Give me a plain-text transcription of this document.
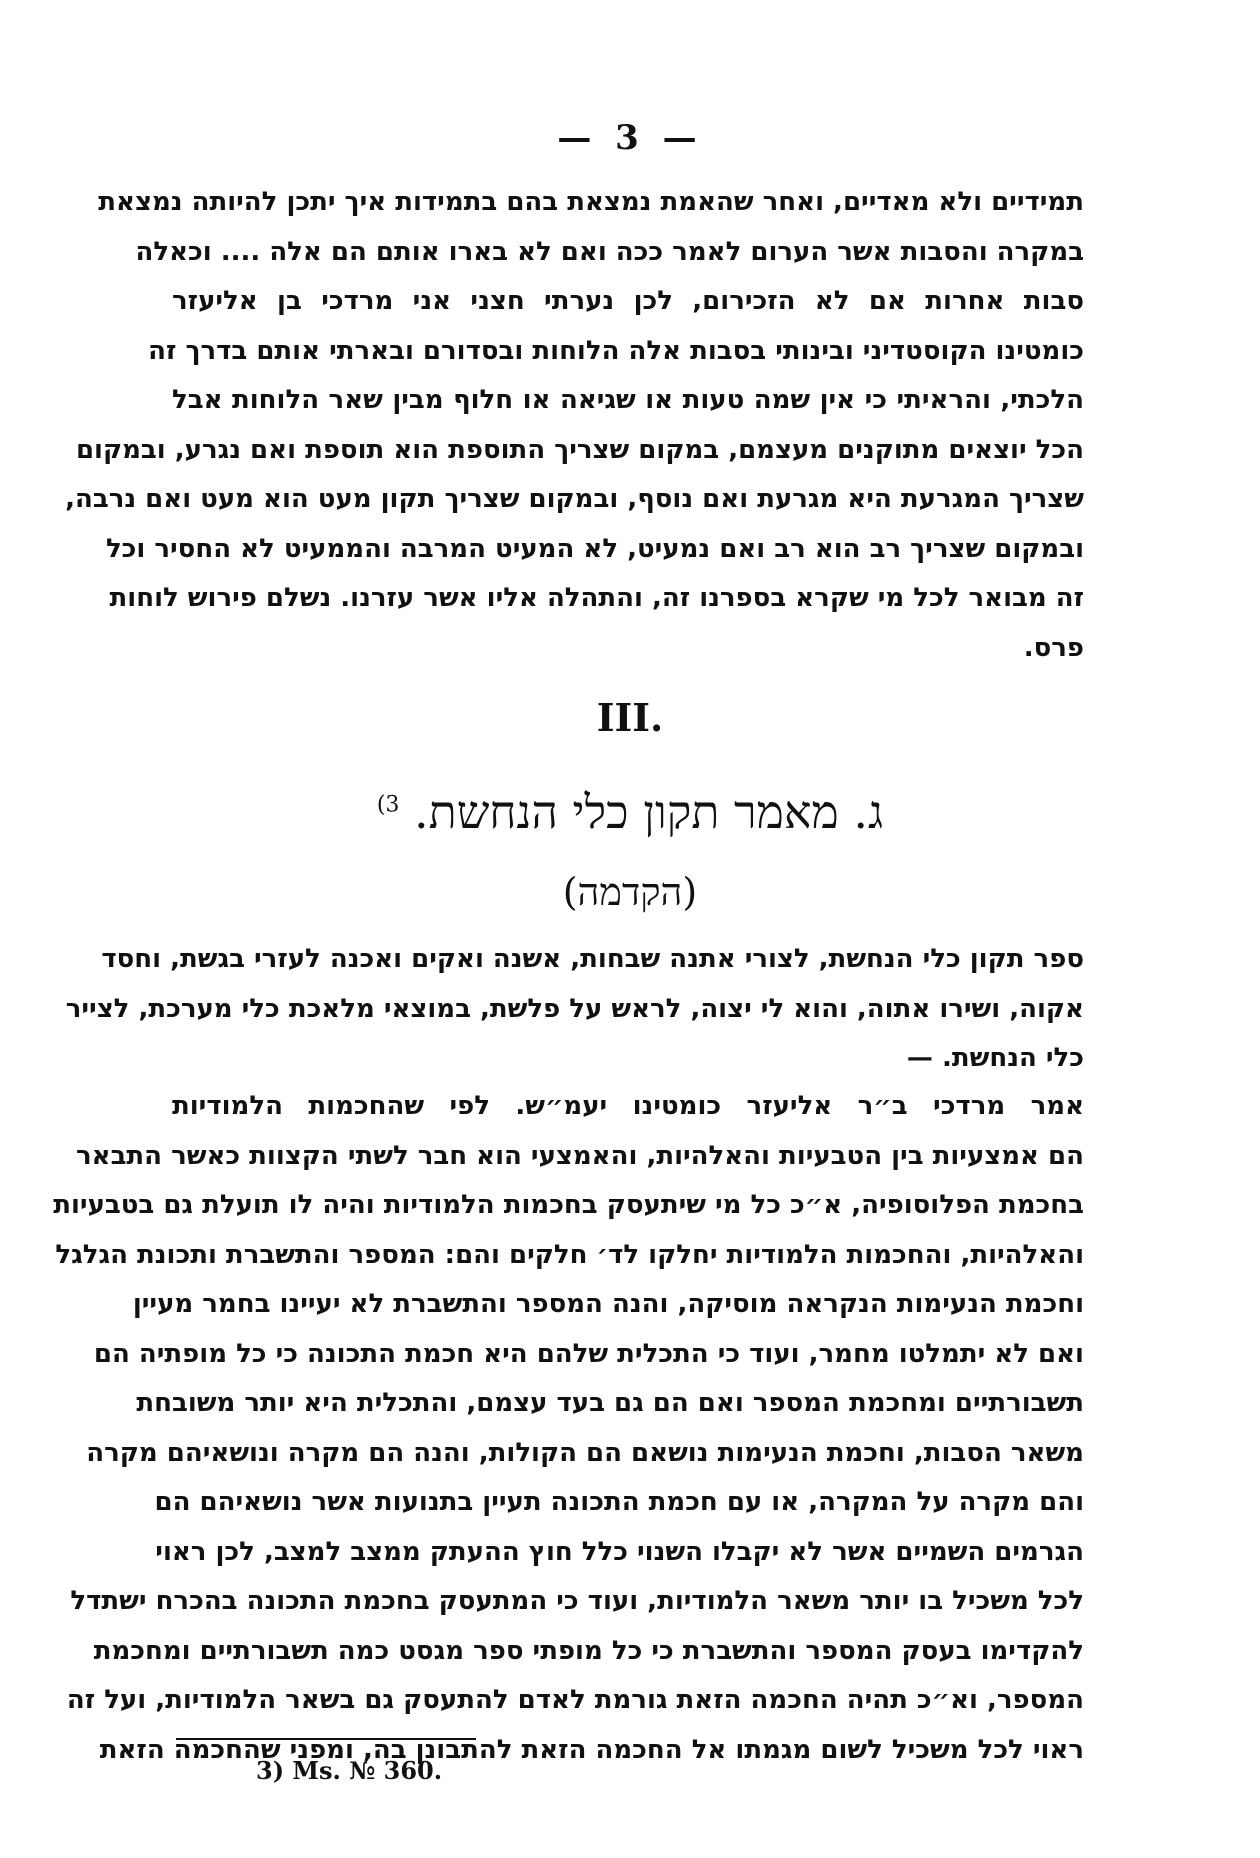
— 3 —
תמידיים ולא מאדיים, ואחר שהאמת נמצאת בהם בתמידות איך יתכן להיותה נמצאת
במקרה והסבות אשר הערום לאמר ככה ואם לא בארו אותם הם אלה .... וכאלה
סבות אחרות אם לא הזכירום, לכן נערתי חצני אני מרדכי בן אליעזר
כומטינו הקוסטדיני ובינותי בסבות אלה הלוחות ובסדורם ובארתי אותם בדרך זה
הלכתי, והראיתי כי אין שמה טעות או שגיאה או חלוף מבין שאר הלוחות אבל
הכל יוצאים מתוקנים מעצמם, במקום שצריך התוספת הוא תוספת ואם נגרע, ובמקום
שצריך המגרעת היא מגרעת ואם נוסף, ובמקום שצריך תקון מעט הוא מעט ואם נרבה,
ובמקום שצריך רב הוא רב ואם נמעיט, לא המעיט המרבה והממעיט לא החסיר וכל
זה מבואר לכל מי שקרא בספרנו זה, והתהלה אליו אשר עזרנו. נשלם פירוש לוחות
פרס.
III.
ג. מאמר תקון כלי הנחשת. $^{3)}$
(הקדמה)
ספר תקון כלי הנחשת, לצורי אתנה שבחות, אשנה ואקים ואכנה לעזרי בגשת, וחסד
אקוה, ושירו אתוה, והוא לי יצוה, לראש על פלשת, במוצאי מלאכת כלי מערכת, לצייר
כלי הנחשת. —
אמר מרדכי ב״ר אליעזר כומטינו יעמ״ש. לפי שהחכמות הלמודיות
הם אמצעיות בין הטבעיות והאלהיות, והאמצעי הוא חבר לשתי הקצוות כאשר התבאר
בחכמת הפלוסופיה, א״כ כל מי שיתעסק בחכמות הלמודיות והיה לו תועלת גם בטבעיות
והאלהיות, והחכמות הלמודיות יחלקו לד׳ חלקים והם: המספר והתשברת ותכונת הגלגל
וחכמת הנעימות הנקראה מוסיקה, והנה המספר והתשברת לא יעיינו בחמר מעיין
ואם לא יתמלטו מחמר, ועוד כי התכלית שלהם היא חכמת התכונה כי כל מופתיה הם
תשבורתיים ומחכמת המספר ואם הם גם בעד עצמם, והתכלית היא יותר משובחת
משאר הסבות, וחכמת הנעימות נושאם הם הקולות, והנה הם מקרה ונושאיהם מקרה
והם מקרה על המקרה, או עם חכמת התכונה תעיין בתנועות אשר נושאיהם הם
הגרמים השמיים אשר לא יקבלו השנוי כלל חוץ ההעתק ממצב למצב, לכן ראוי
לכל משכיל בו יותר משאר הלמודיות, ועוד כי המתעסק בחכמת התכונה בהכרח ישתדל
להקדימו בעסק המספר והתשברת כי כל מופתי ספר מגסט כמה תשבורתיים ומחכמת
המספר, וא״כ תהיה החכמה הזאת גורמת לאדם להתעסק גם בשאר הלמודיות, ועל זה
ראוי לכל משכיל לשום מגמתו אל החכמה הזאת להתבונן בה, ומפני שהחכמה הזאת
3) Ms. № 360.
